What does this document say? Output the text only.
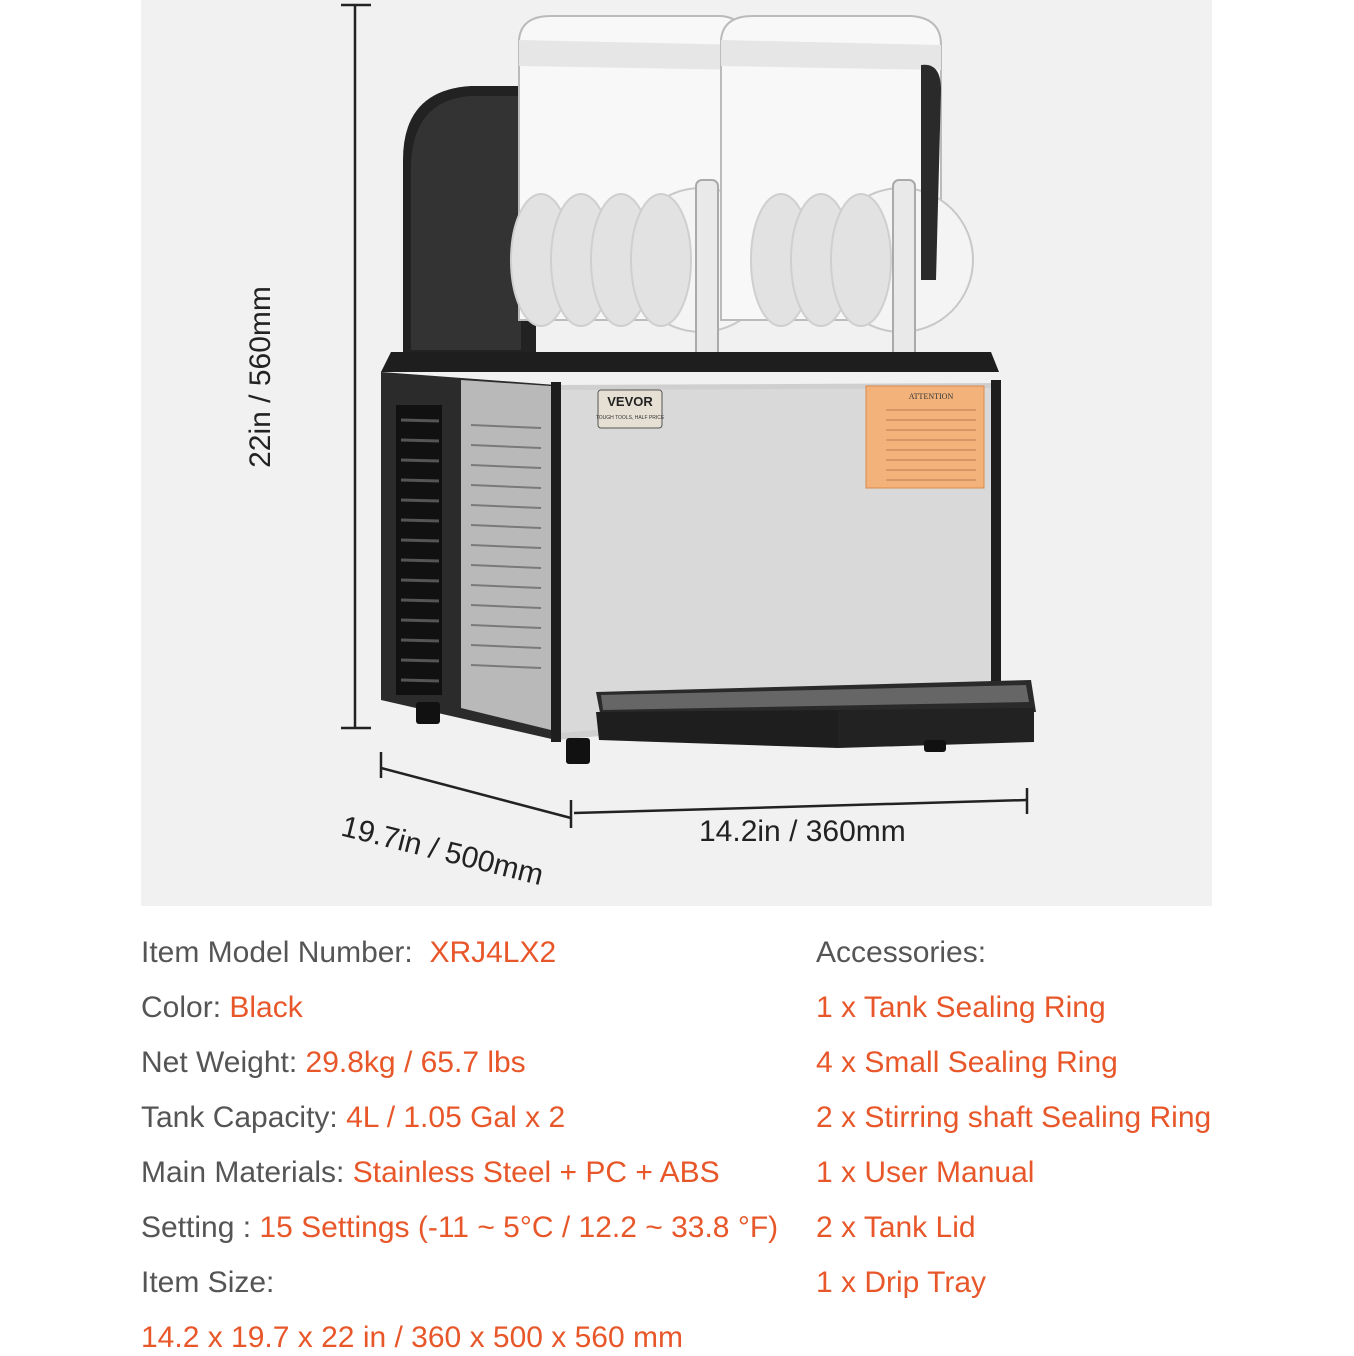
VEVOR
TOUGH TOOLS, HALF PRICE
ATTENTION
22in / 560mm
19.7in / 500mm	14.2in / 360mm
Item Model Number: XRJ4LX2
Color: Black
Net Weight: 29.8kg / 65.7 lbs
Tank Capacity: 4L / 1.05 Gal x 2
Main Materials: Stainless Steel + PC + ABS
Setting : 15 Settings (-11 ~ 5°C / 12.2 ~ 33.8 °F)
Item Size:
14.2 x 19.7 x 22 in / 360 x 500 x 560 mm
Accessories:
1 x Tank Sealing Ring
4 x Small Sealing Ring
2 x Stirring shaft Sealing Ring
1 x User Manual
2 x Tank Lid
1 x Drip Tray
